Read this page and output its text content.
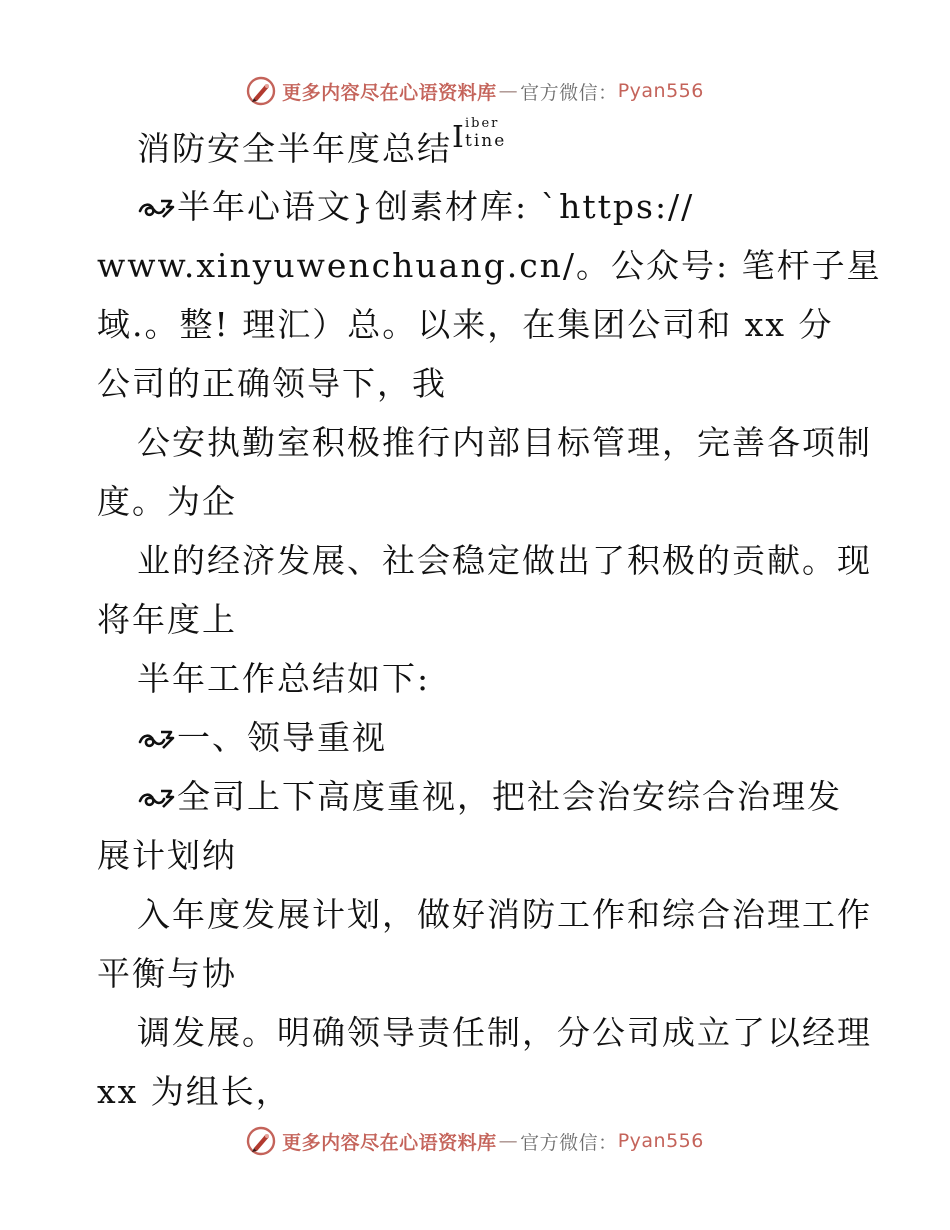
更多内容尽在心语资料库 — 官方微信： Pyan556
消防安全半年度总结 I iber
tine
半年心语文}创素材库: `https://
www.xinyuwenchuang.cn/。公众号: 笔杆子星
域.。整! 理汇）总。以来，在集团公司和 xx 分
公司的正确领导下，我
公安执勤室积极推行内部目标管理，完善各项制
度。为企
业的经济发展、社会稳定做出了积极的贡献。现
将年度上
半年工作总结如下:
一、领导重视
全司上下高度重视，把社会治安综合治理发
展计划纳
入年度发展计划，做好消防工作和综合治理工作
平衡与协
调发展。明确领导责任制，分公司成立了以经理
xx 为组长，
更多内容尽在心语资料库 — 官方微信： Pyan556
